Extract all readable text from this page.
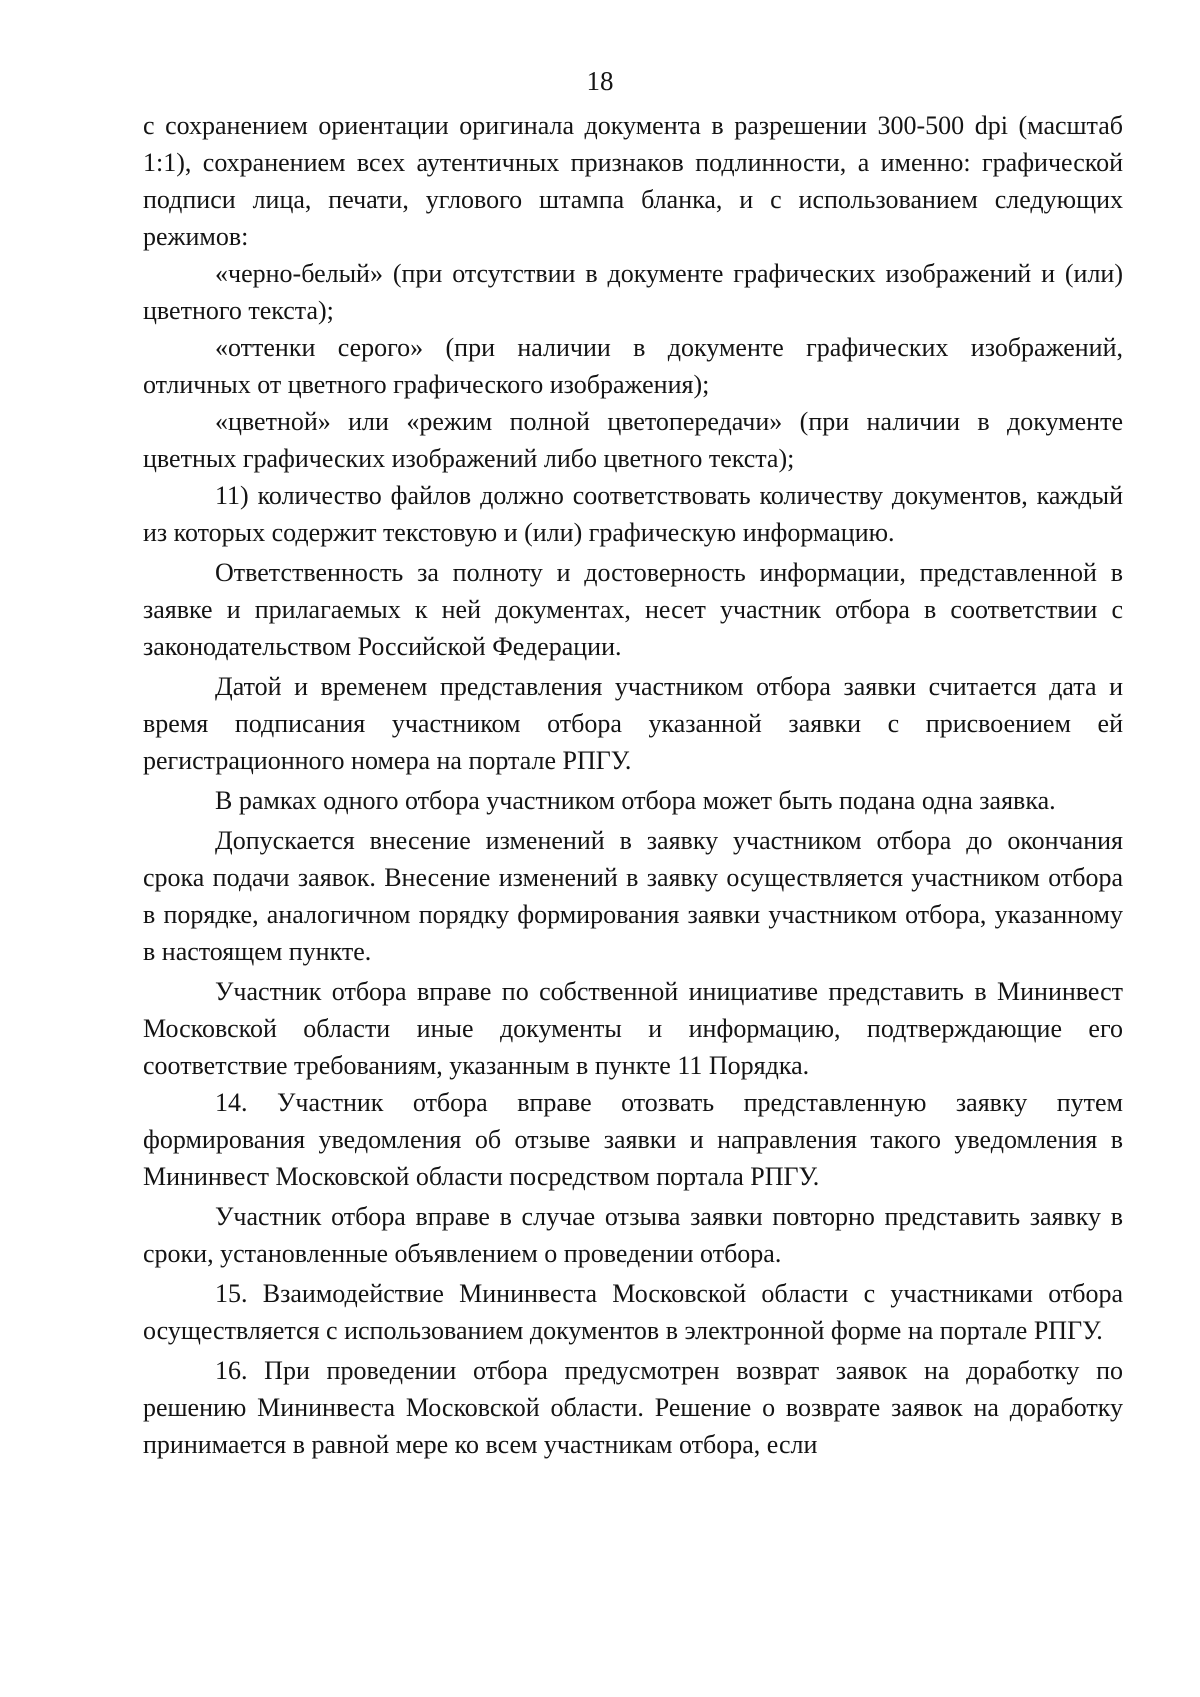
18

с сохранением ориентации оригинала документа в разрешении 300-500 dpi (масштаб 1:1), сохранением всех аутентичных признаков подлинности, а именно: графической подписи лица, печати, углового штампа бланка, и с использованием следующих режимов:

«черно-белый» (при отсутствии в документе графических изображений и (или) цветного текста);

«оттенки серого» (при наличии в документе графических изображений, отличных от цветного графического изображения);

«цветной» или «режим полной цветопередачи» (при наличии в документе цветных графических изображений либо цветного текста);

11) количество файлов должно соответствовать количеству документов, каждый из которых содержит текстовую и (или) графическую информацию.

Ответственность за полноту и достоверность информации, представленной в заявке и прилагаемых к ней документах, несет участник отбора в соответствии с законодательством Российской Федерации.

Датой и временем представления участником отбора заявки считается дата и время подписания участником отбора указанной заявки с присвоением ей регистрационного номера на портале РПГУ.

В рамках одного отбора участником отбора может быть подана одна заявка.

Допускается внесение изменений в заявку участником отбора до окончания срока подачи заявок. Внесение изменений в заявку осуществляется участником отбора в порядке, аналогичном порядку формирования заявки участником отбора, указанному в настоящем пункте.

Участник отбора вправе по собственной инициативе представить в Мининвест Московской области иные документы и информацию, подтверждающие его соответствие требованиям, указанным в пункте 11 Порядка.

14. Участник отбора вправе отозвать представленную заявку путем формирования уведомления об отзыве заявки и направления такого уведомления в Мининвест Московской области посредством портала РПГУ.

Участник отбора вправе в случае отзыва заявки повторно представить заявку в сроки, установленные объявлением о проведении отбора.

15. Взаимодействие Мининвеста Московской области с участниками отбора осуществляется с использованием документов в электронной форме на портале РПГУ.

16. При проведении отбора предусмотрен возврат заявок на доработку по решению Мининвеста Московской области. Решение о возврате заявок на доработку принимается в равной мере ко всем участникам отбора, если
